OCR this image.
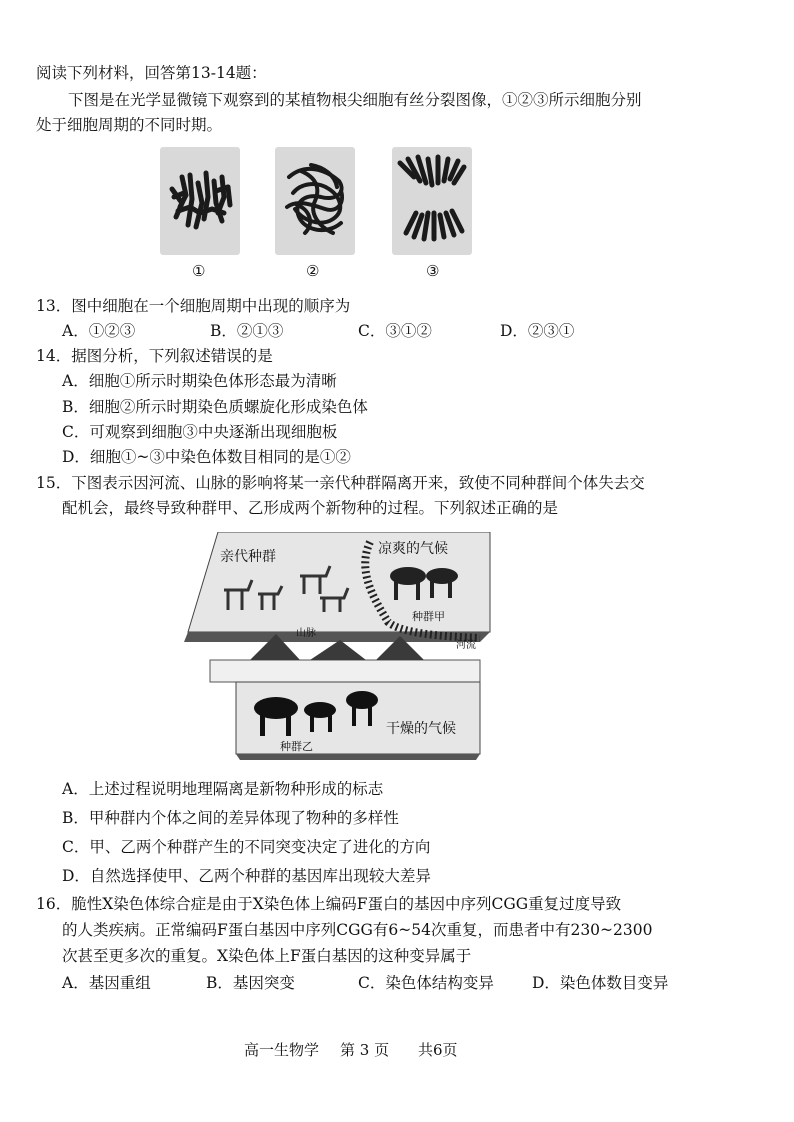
阅读下列材料，回答第13-14题：
下图是在光学显微镜下观察到的某植物根尖细胞有丝分裂图像，①②③所示细胞分别
处于细胞周期的不同时期。
①	②	③
13．图中细胞在一个细胞周期中出现的顺序为
A．①②③	B．②①③	C．③①②	D．②③①
14．据图分析，下列叙述错误的是
A．细胞①所示时期染色体形态最为清晰
B．细胞②所示时期染色质螺旋化形成染色体
C．可观察到细胞③中央逐渐出现细胞板
D．细胞①~③中染色体数目相同的是①②
15．下图表示因河流、山脉的影响将某一亲代种群隔离开来，致使不同种群间个体失去交
配机会，最终导致种群甲、乙形成两个新物种的过程。下列叙述正确的是
亲代种群	凉爽的气候
种群甲
河流
山脉
干燥的气候
种群乙
A．上述过程说明地理隔离是新物种形成的标志
B．甲种群内个体之间的差异体现了物种的多样性
C．甲、乙两个种群产生的不同突变决定了进化的方向
D．自然选择使甲、乙两个种群的基因库出现较大差异
16．脆性X染色体综合症是由于X染色体上编码F蛋白的基因中序列CGG重复过度导致
的人类疾病。正常编码F蛋白基因中序列CGG有6~54次重复，而患者中有230~2300
次甚至更多次的重复。X染色体上F蛋白基因的这种变异属于
A．基因重组	B．基因突变	C．染色体结构变异 D．染色体数目变异
高一生物学 第 3 页 共6页
